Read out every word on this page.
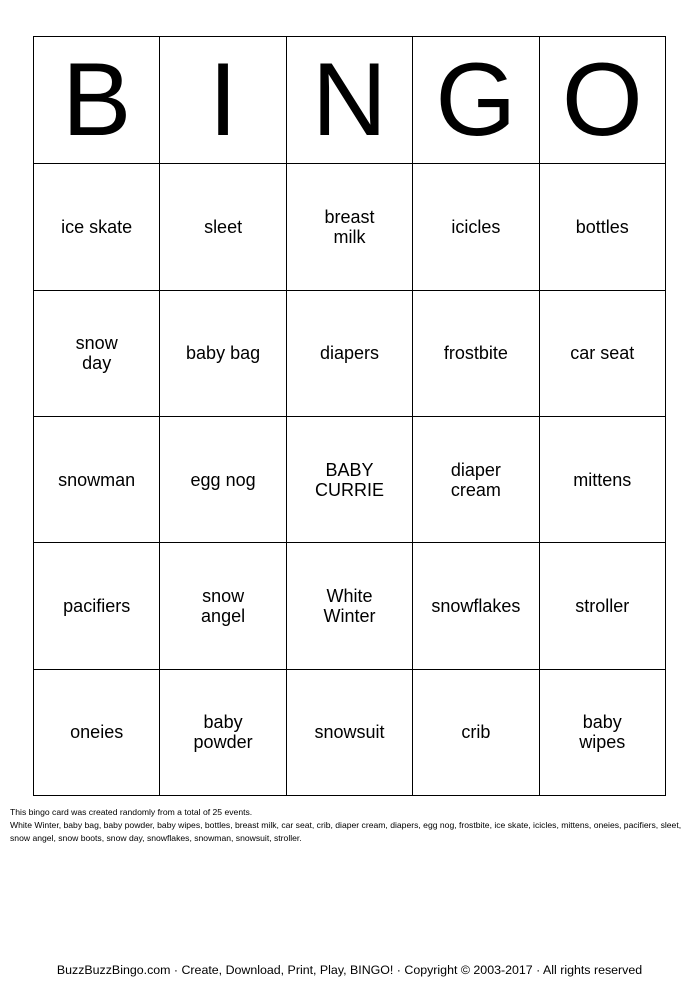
B	I	N	G	O

ice skate	sleet	breast milk	icicles	bottles

snow day	baby bag	diapers	frostbite	car seat

snowman	egg nog	BABY CURRIE	diaper cream	mittens

pacifiers	snow angel	White Winter	snowflakes	stroller

oneies	baby powder	snowsuit	crib	baby wipes
This bingo card was created randomly from a total of 25 events.
White Winter, baby bag, baby powder, baby wipes, bottles, breast milk, car seat, crib, diaper cream, diapers, egg nog, frostbite, ice skate, icicles, mittens, oneies, pacifiers, sleet, snow angel, snow boots, snow day, snowflakes, snowman, snowsuit, stroller.
BuzzBuzzBingo.com · Create, Download, Print, Play, BINGO! · Copyright © 2003-2017 · All rights reserved
